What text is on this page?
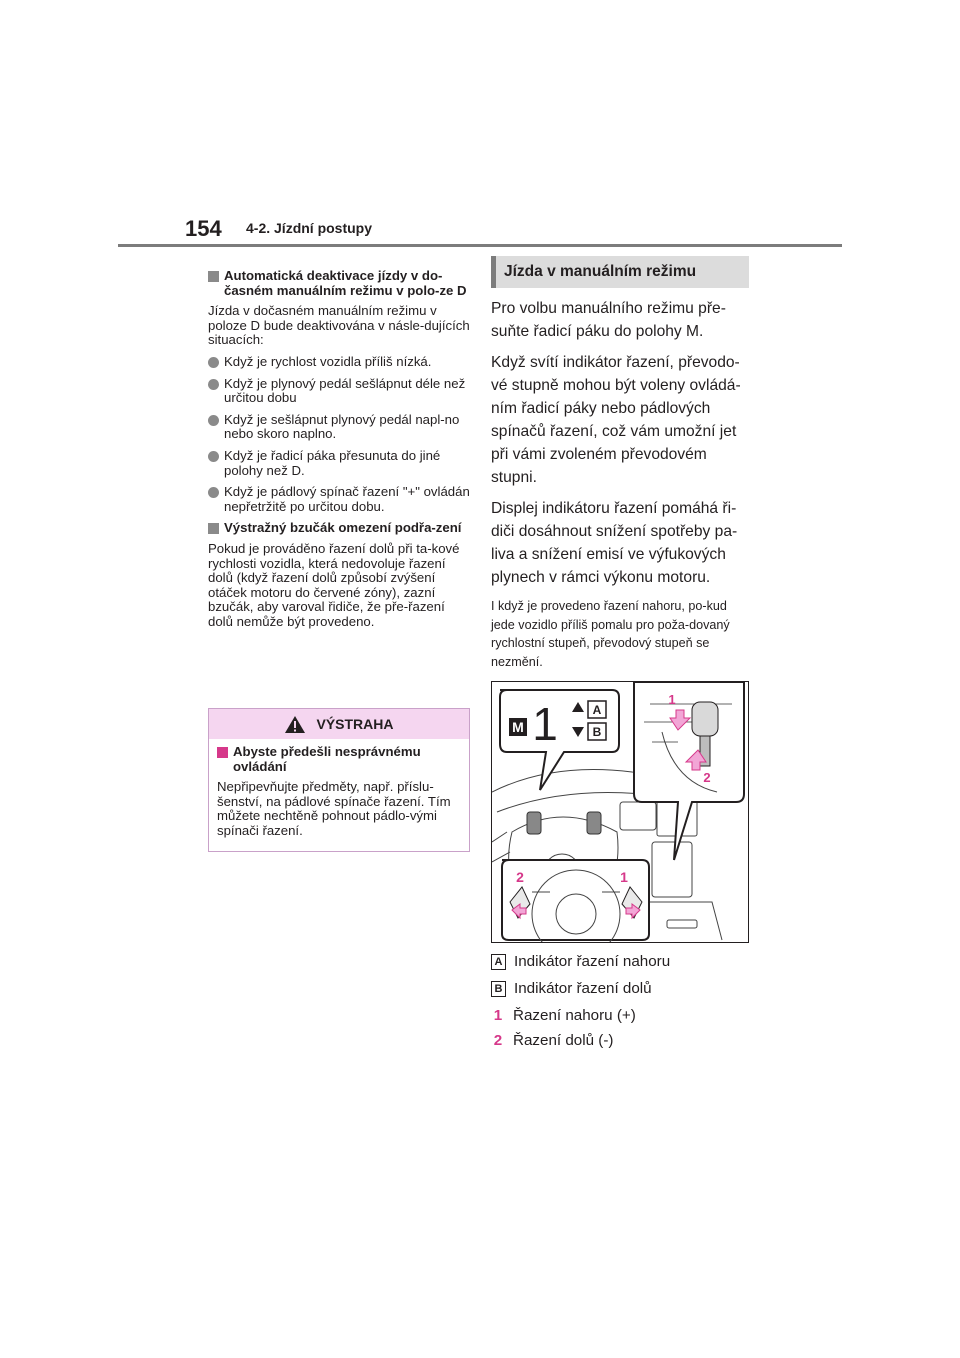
154 4-2. Jízdní postupy
Automatická deaktivace jízdy v do-časném manuálním režimu v polo-ze D
Jízda v dočasném manuálním režimu v poloze D bude deaktivována v násle-dujících situacích:
Když je rychlost vozidla příliš nízká.
Když je plynový pedál sešlápnut déle než určitou dobu
Když je sešlápnut plynový pedál napl-no nebo skoro naplno.
Když je řadicí páka přesunuta do jiné polohy než D.
Když je pádlový spínač řazení "+" ovládán nepřetržitě po určitou dobu.
Výstražný bzučák omezení podřa-zení
Pokud je prováděno řazení dolů při ta-kové rychlosti vozidla, která nedovoluje řazení dolů (když řazení dolů způsobí zvýšení otáček motoru do červené zóny), zazní bzučák, aby varoval řidiče, že pře-řazení dolů nemůže být provedeno.
VÝSTRAHA
Abyste předešli nesprávnému ovládání
Nepřipevňujte předměty, např. příslu-šenství, na pádlové spínače řazení. Tím můžete nechtěně pohnout pádlo-vými spínači řazení.
Jízda v manuálním režimu
Pro volbu manuálního režimu pře-suňte řadicí páku do polohy M.
Když svítí indikátor řazení, převodo-vé stupně mohou být voleny ovládá-ním řadicí páky nebo pádlových spínačů řazení, což vám umožní jet při vámi zvoleném převodovém stupni.
Displej indikátoru řazení pomáhá ři-diči dosáhnout snížení spotřeby pa-liva a snížení emisí ve výfukových plynech v rámci výkonu motoru.
I když je provedeno řazení nahoru, po-kud jede vozidlo příliš pomalu pro poža-dovaný rychlostní stupeň, převodový stupeň se nezmění.
M 1	A
B
1
2
2	1
A Indikátor řazení nahoru
B Indikátor řazení dolů
1 Řazení nahoru (+)
2 Řazení dolů (-)
